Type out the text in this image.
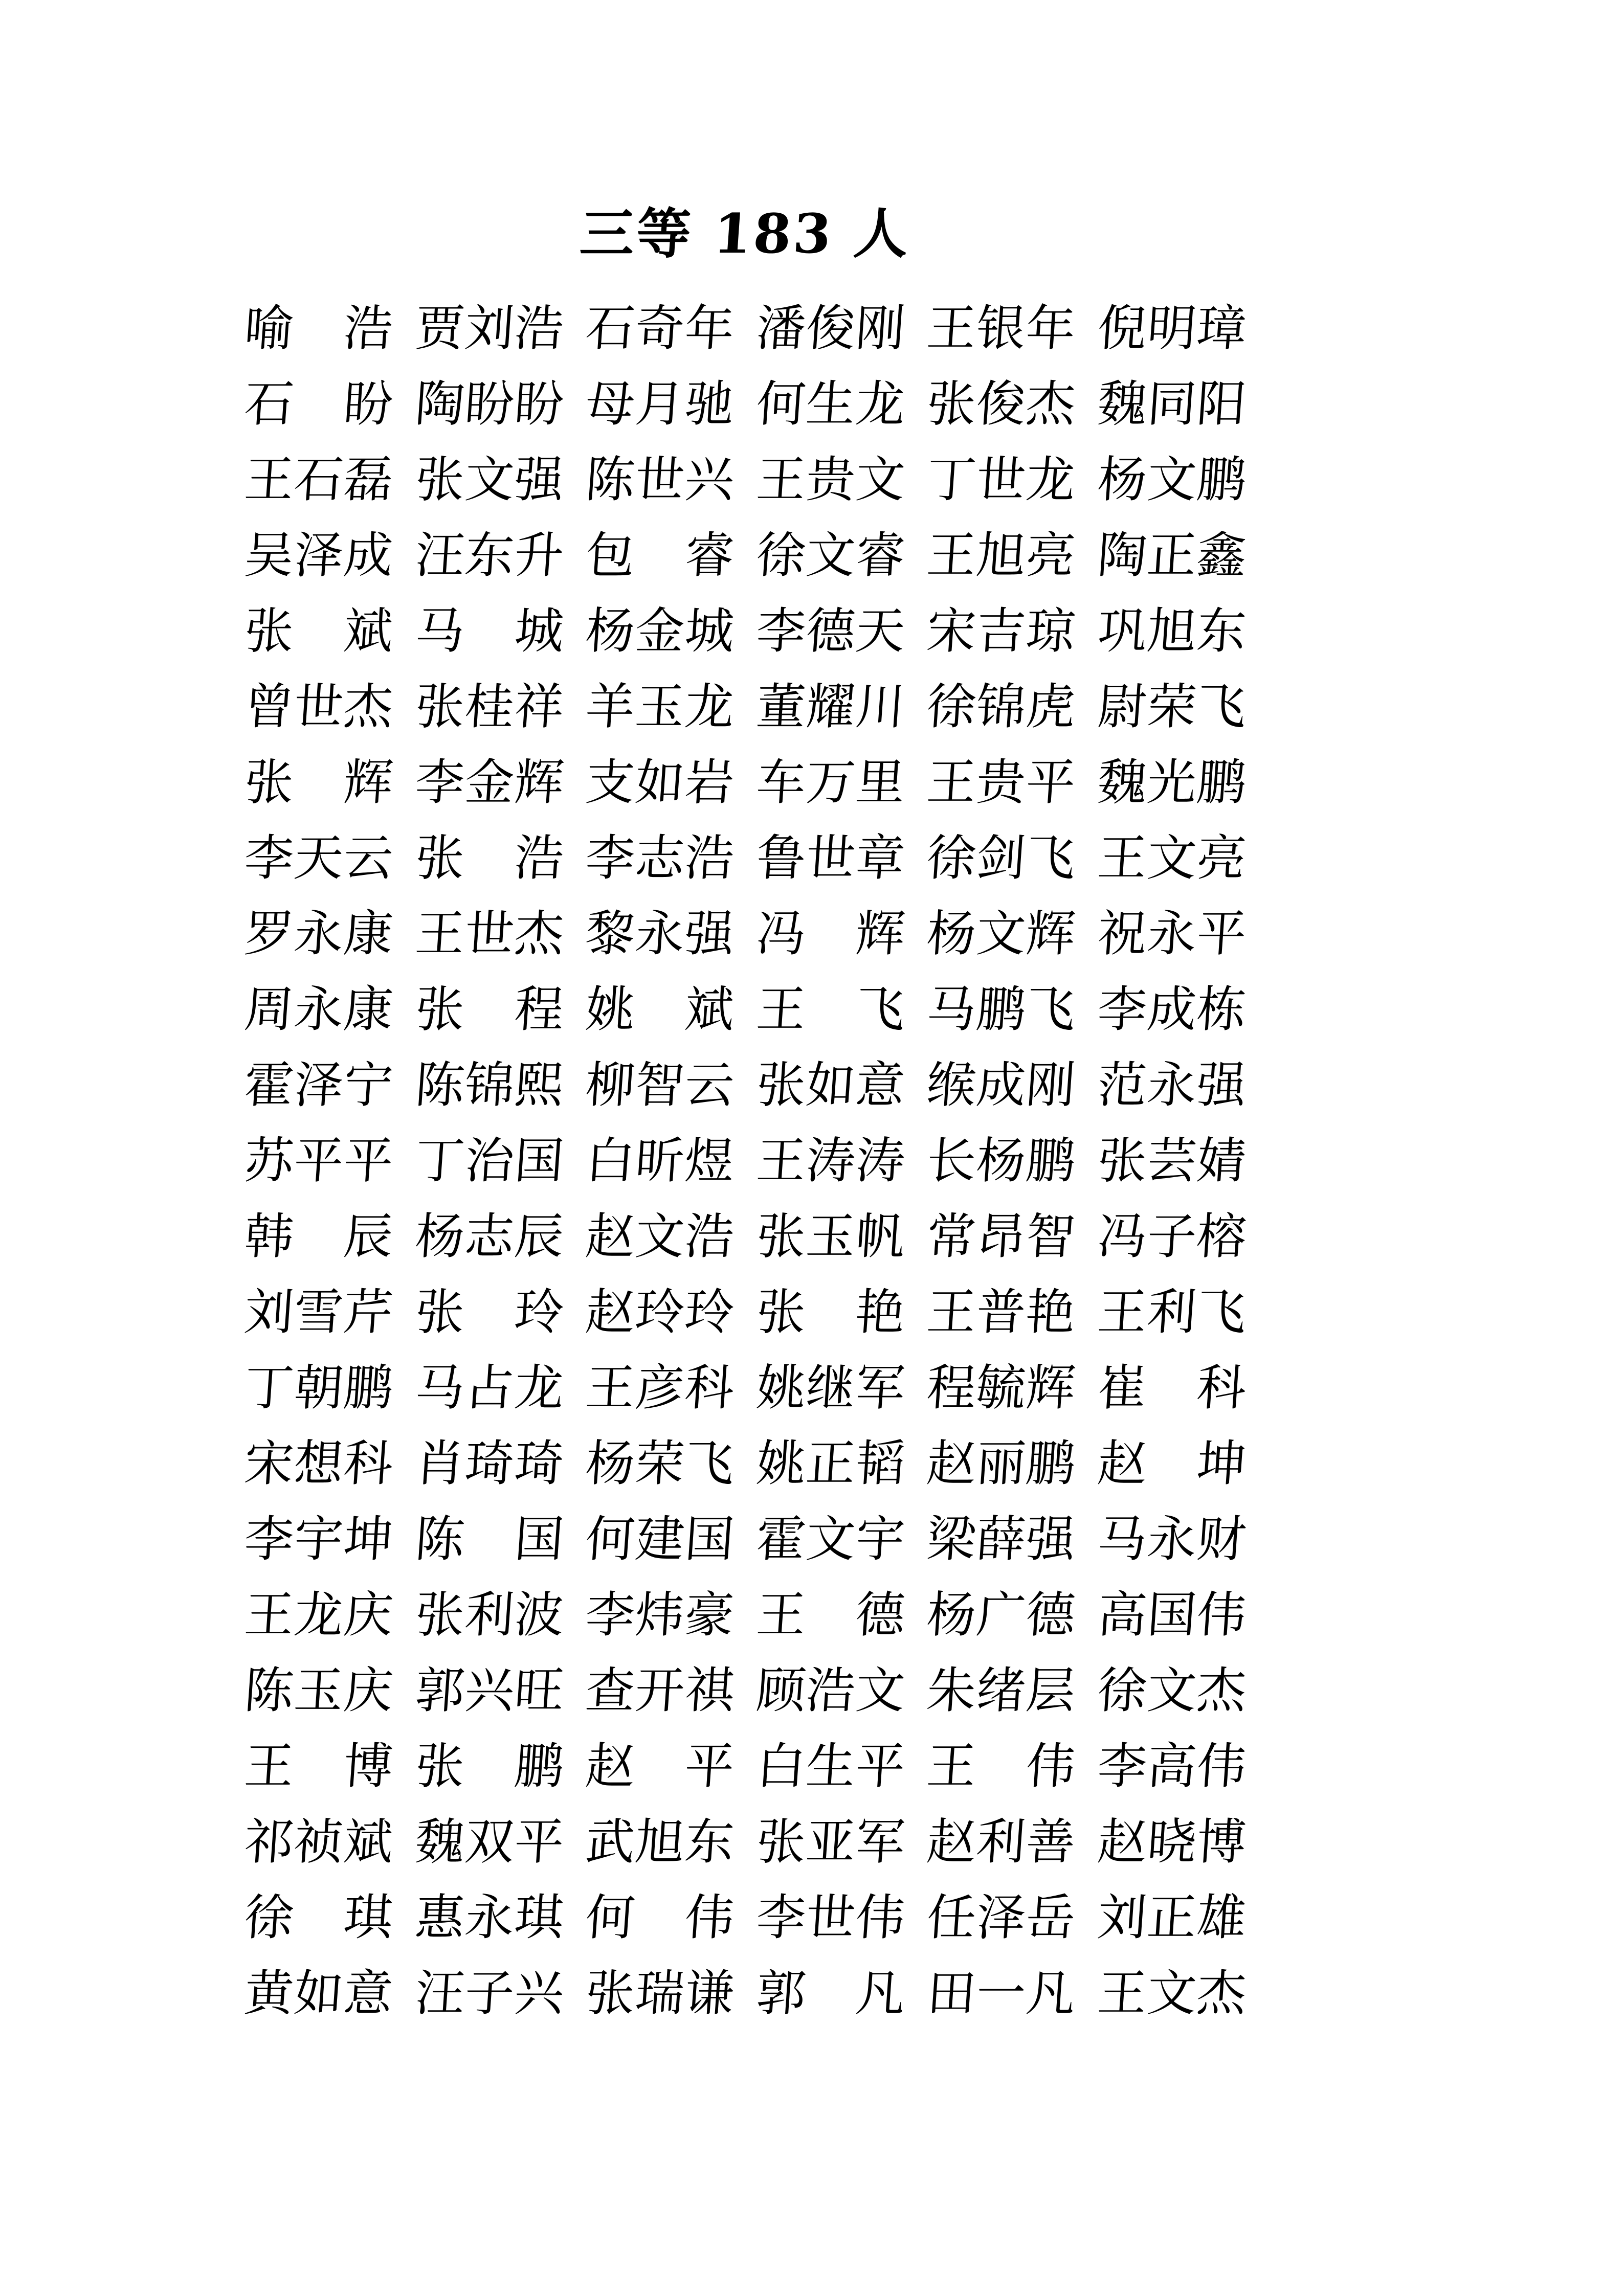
三等 183 人
喻 浩 贾
刘
浩 石
奇
年 潘
俊
刚 王
银
年 倪
明
璋
石 盼 陶
盼
盼 母
月
驰 何
生
龙 张
俊
杰 魏
同
阳
王
石
磊 张
文
强 陈
世
兴 王
贵
文 丁
世
龙 杨
文
鹏
吴
泽
成 汪
东
升 包 睿 徐
文
睿 王
旭
亮 陶
正
鑫
张 斌 马 城 杨
金
城 李
德
天 宋
吉
琼 巩
旭
东
曾
世
杰 张
桂
祥 羊
玉
龙 董
耀
川 徐
锦
虎 尉
荣
飞
张 辉 李
金
辉 支
如
岩 车
万
里 王
贵
平 魏
光
鹏
李
天
云 张 浩 李
志
浩 鲁
世
章 徐
剑
飞 王
文
亮
罗
永
康 王
世
杰 黎
永
强 冯 辉 杨
文
辉 祝
永
平
周
永
康 张 程 姚 斌 王 飞 马
鹏
飞 李
成
栋
霍
泽
宁 陈
锦
熙 柳
智
云 张
如
意 缑
成
刚 范
永
强
苏
平
平 丁
治
国 白
昕
煜 王
涛
涛 长
杨
鹏 张
芸
婧
韩 辰 杨
志
辰 赵
文
浩 张
玉
帆 常
昂
智 冯
子
榕
刘
雪
芹 张 玲 赵
玲
玲 张 艳 王
普
艳 王
利
飞
丁
朝
鹏 马
占
龙 王
彦
科 姚
继
军 程
毓
辉 崔 科
宋
想
科 肖
琦
琦 杨
荣
飞 姚
正
韬 赵
丽
鹏 赵 坤
李
宇
坤 陈 国 何
建
国 霍
文
宇 梁
薛
强 马
永
财
王
龙
庆 张
利
波 李
炜
豪 王 德 杨
广
德 高
国
伟
陈
玉
庆 郭
兴
旺 查
开
祺 顾
浩
文 朱
绪
层 徐
文
杰
王 博 张 鹏 赵 平 白
生
平 王 伟 李
高
伟
祁
祯
斌 魏
双
平 武
旭
东 张
亚
军 赵
利
善 赵
晓
博
徐 琪 惠
永
琪 何 伟 李
世
伟 任
泽
岳 刘
正
雄
黄
如
意 汪
子
兴 张
瑞
谦 郭 凡 田
一
凡 王
文
杰
